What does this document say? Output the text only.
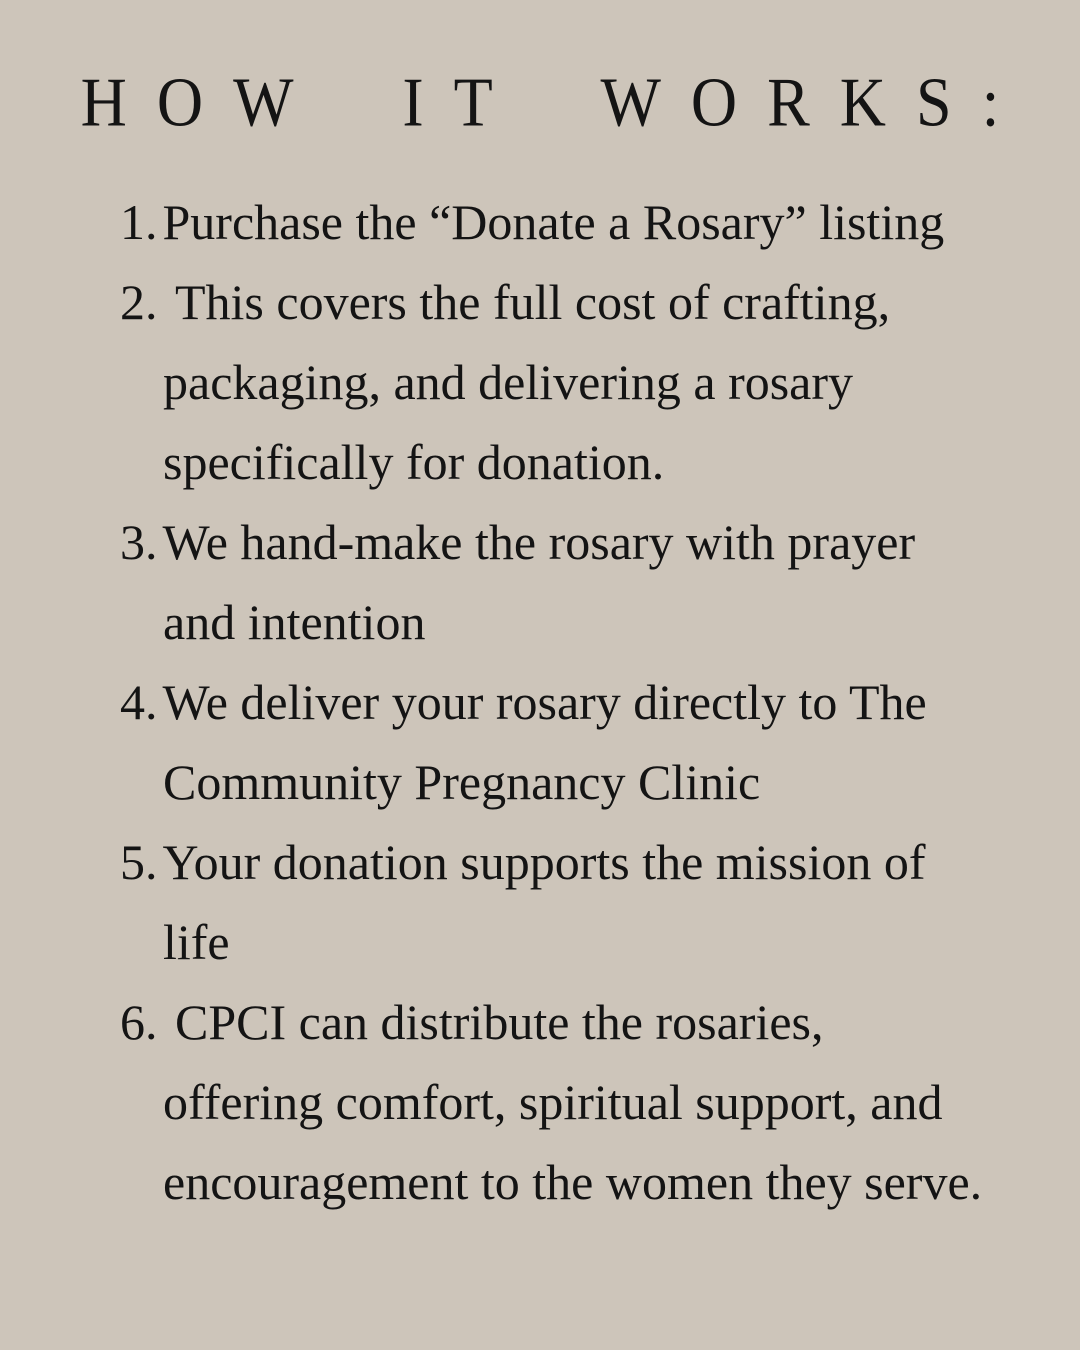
HOW IT WORKS:
1. Purchase the “Donate a Rosary” listing
2. This covers the full cost of crafting, packaging, and delivering a rosary specifically for donation.
3. We hand-make the rosary with prayer and intention
4. We deliver your rosary directly to The Community Pregnancy Clinic
5. Your donation supports the mission of life
6. CPCI can distribute the rosaries, offering comfort, spiritual support, and encouragement to the women they serve.
